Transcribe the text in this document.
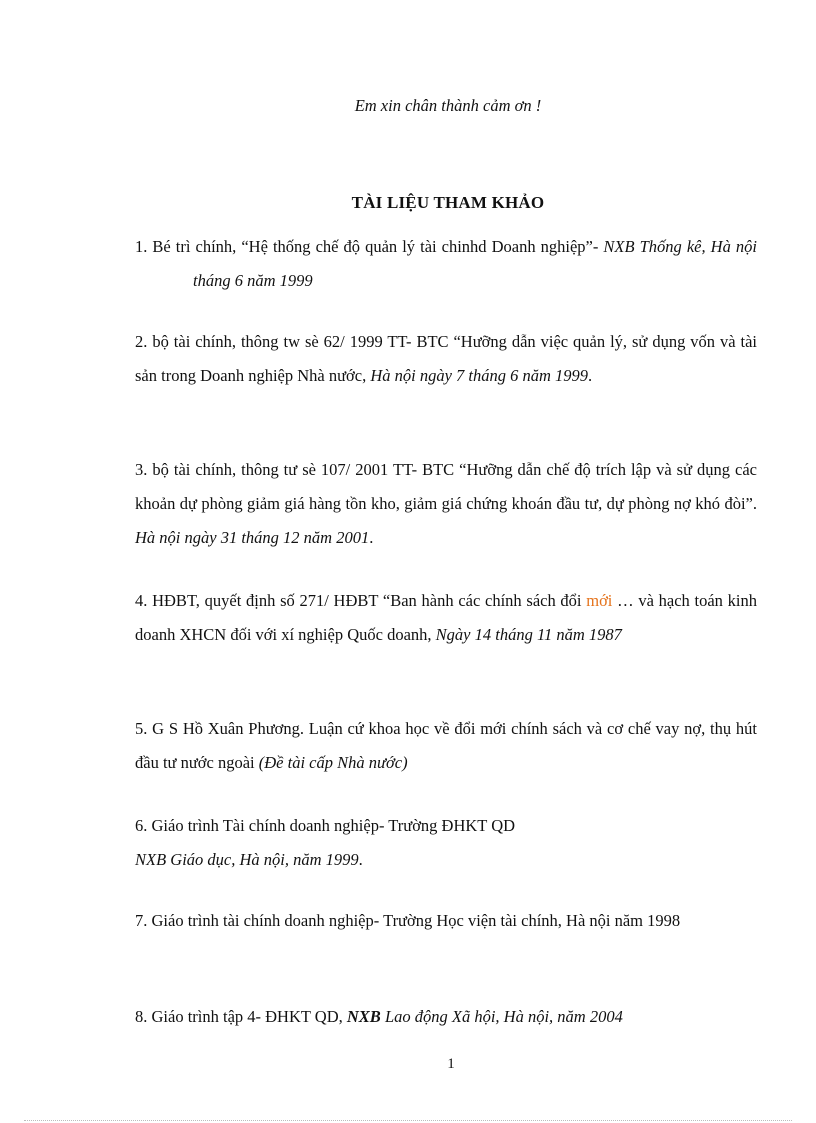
Em xin chân thành cảm ơn !
TÀI LIỆU THAM KHẢO
1. Bé trì chính, “Hệ thống chế độ quản lý tài chinhd Doanh nghiệp”- NXB Thống kê, Hà nộitháng 6 năm 1999
2. bộ tài chính, thông tw sè 62/ 1999 TT- BTC “Hưỡng dẫn việc quản lý, sử dụng vốn và tài sản trong Doanh nghiệp Nhà nước, Hà nội ngày 7 tháng 6 năm 1999.
3. bộ tài chính, thông tư sè 107/ 2001 TT- BTC “Hưỡng dẫn chế độ trích lập và sử dụng các khoản dự phòng giảm giá hàng tồn kho, giảm giá chứng khoán đầu tư, dự phòng nợ khó đòi”. Hà nội ngày 31 tháng 12 năm 2001.
4. HĐBT, quyết định số 271/ HĐBT “Ban hành các chính sách đổi mới … và hạch toán kinh doanh XHCN đối với xí nghiệp Quốc doanh, Ngày 14 tháng 11 năm 1987
5. G S Hồ Xuân Phương. Luận cứ khoa học về đổi mới chính sách và cơ chế vay nợ, thụ hút đầu tư nước ngoài (Đề tài cấp Nhà nước)
6. Giáo trình Tài chính doanh nghiệp- Trường ĐHKT QD
NXB Giáo dục, Hà nội, năm 1999.
7. Giáo trình tài chính doanh nghiệp- Trường Học viện tài chính, Hà nội năm 1998
8. Giáo trình tập 4- ĐHKT QD, NXB Lao động Xã hội, Hà nội, năm 2004
1
